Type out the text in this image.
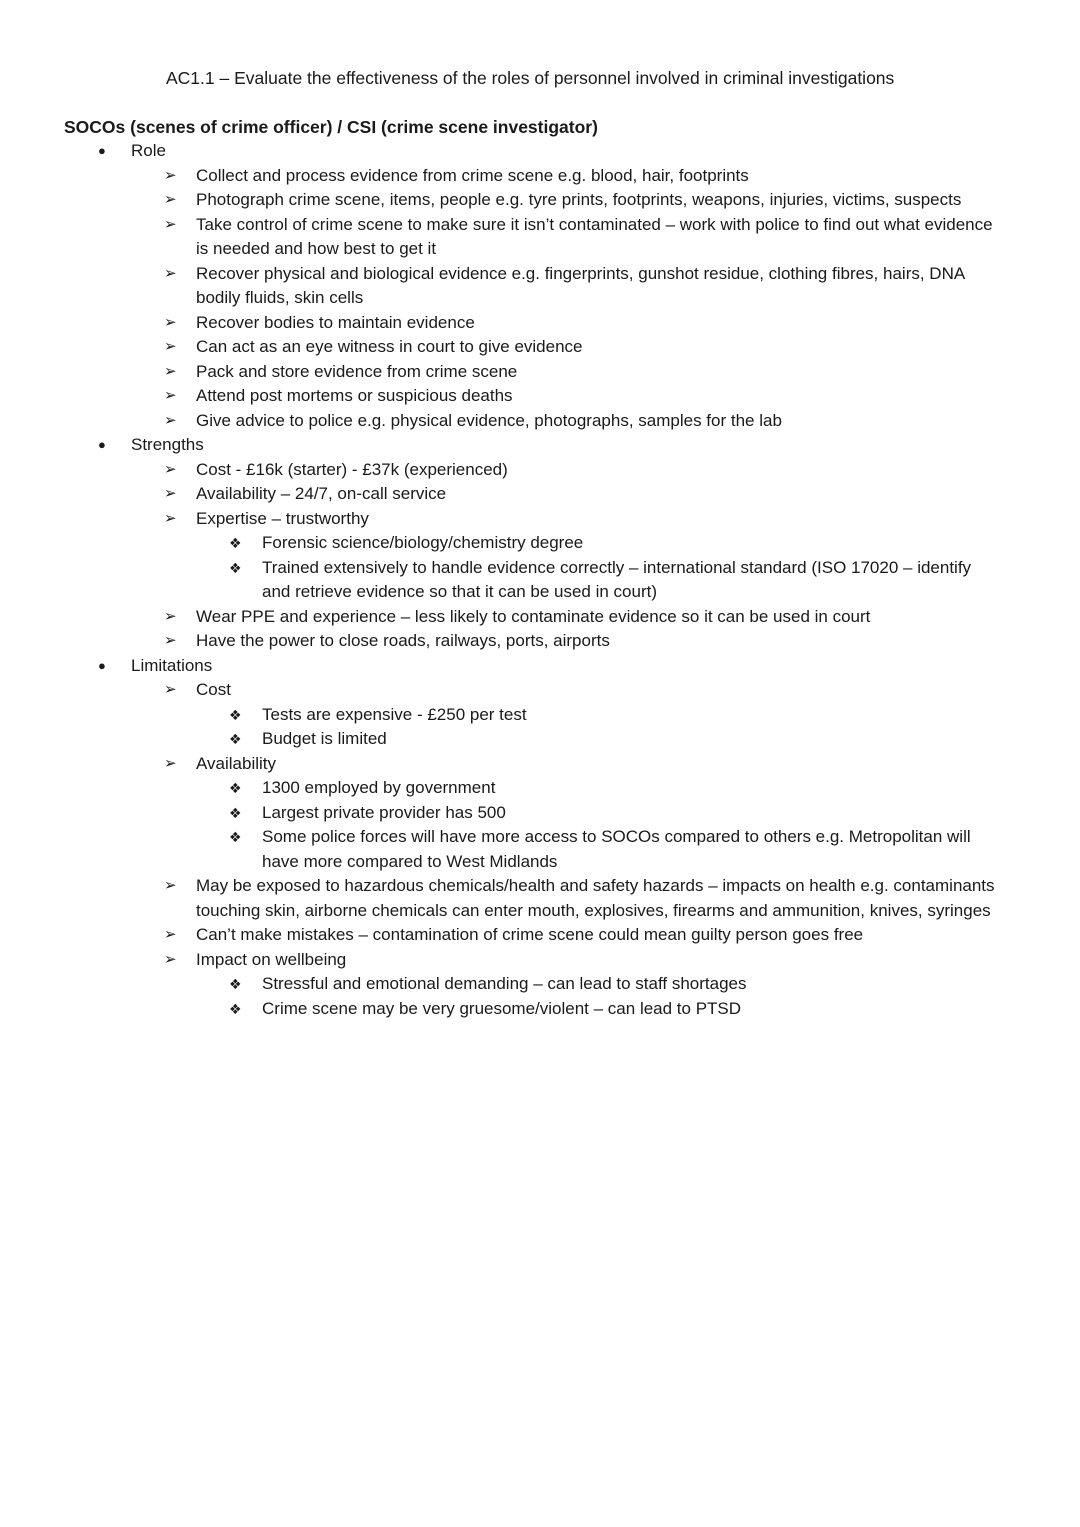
AC1.1 – Evaluate the effectiveness of the roles of personnel involved in criminal investigations
SOCOs (scenes of crime officer) / CSI (crime scene investigator)

● Role

➢ Collect and process evidence from crime scene e.g. blood, hair, footprints

➢ Photograph crime scene, items, people e.g. tyre prints, footprints, weapons, injuries, victims, suspects

➢ Take control of crime scene to make sure it isn’t contaminated – work with police to find out what evidence is needed and how best to get it

➢ Recover physical and biological evidence e.g. fingerprints, gunshot residue, clothing fibres, hairs, DNA bodily fluids, skin cells

➢ Recover bodies to maintain evidence

➢ Can act as an eye witness in court to give evidence

➢ Pack and store evidence from crime scene

➢ Attend post mortems or suspicious deaths

➢ Give advice to police e.g. physical evidence, photographs, samples for the lab

● Strengths

➢ Cost - £16k (starter) - £37k (experienced)

➢ Availability – 24/7, on-call service

➢ Expertise – trustworthy

❖ Forensic science/biology/chemistry degree

❖ Trained extensively to handle evidence correctly – international standard (ISO 17020 – identify and retrieve evidence so that it can be used in court)

➢ Wear PPE and experience – less likely to contaminate evidence so it can be used in court

➢ Have the power to close roads, railways, ports, airports

● Limitations

➢ Cost

❖ Tests are expensive - £250 per test

❖ Budget is limited

➢ Availability

❖ 1300 employed by government

❖ Largest private provider has 500

❖ Some police forces will have more access to SOCOs compared to others e.g. Metropolitan will have more compared to West Midlands

➢ May be exposed to hazardous chemicals/health and safety hazards – impacts on health e.g. contaminants touching skin, airborne chemicals can enter mouth, explosives, firearms and ammunition, knives, syringes

➢ Can’t make mistakes – contamination of crime scene could mean guilty person goes free

➢ Impact on wellbeing

❖ Stressful and emotional demanding – can lead to staff shortages

❖ Crime scene may be very gruesome/violent – can lead to PTSD
